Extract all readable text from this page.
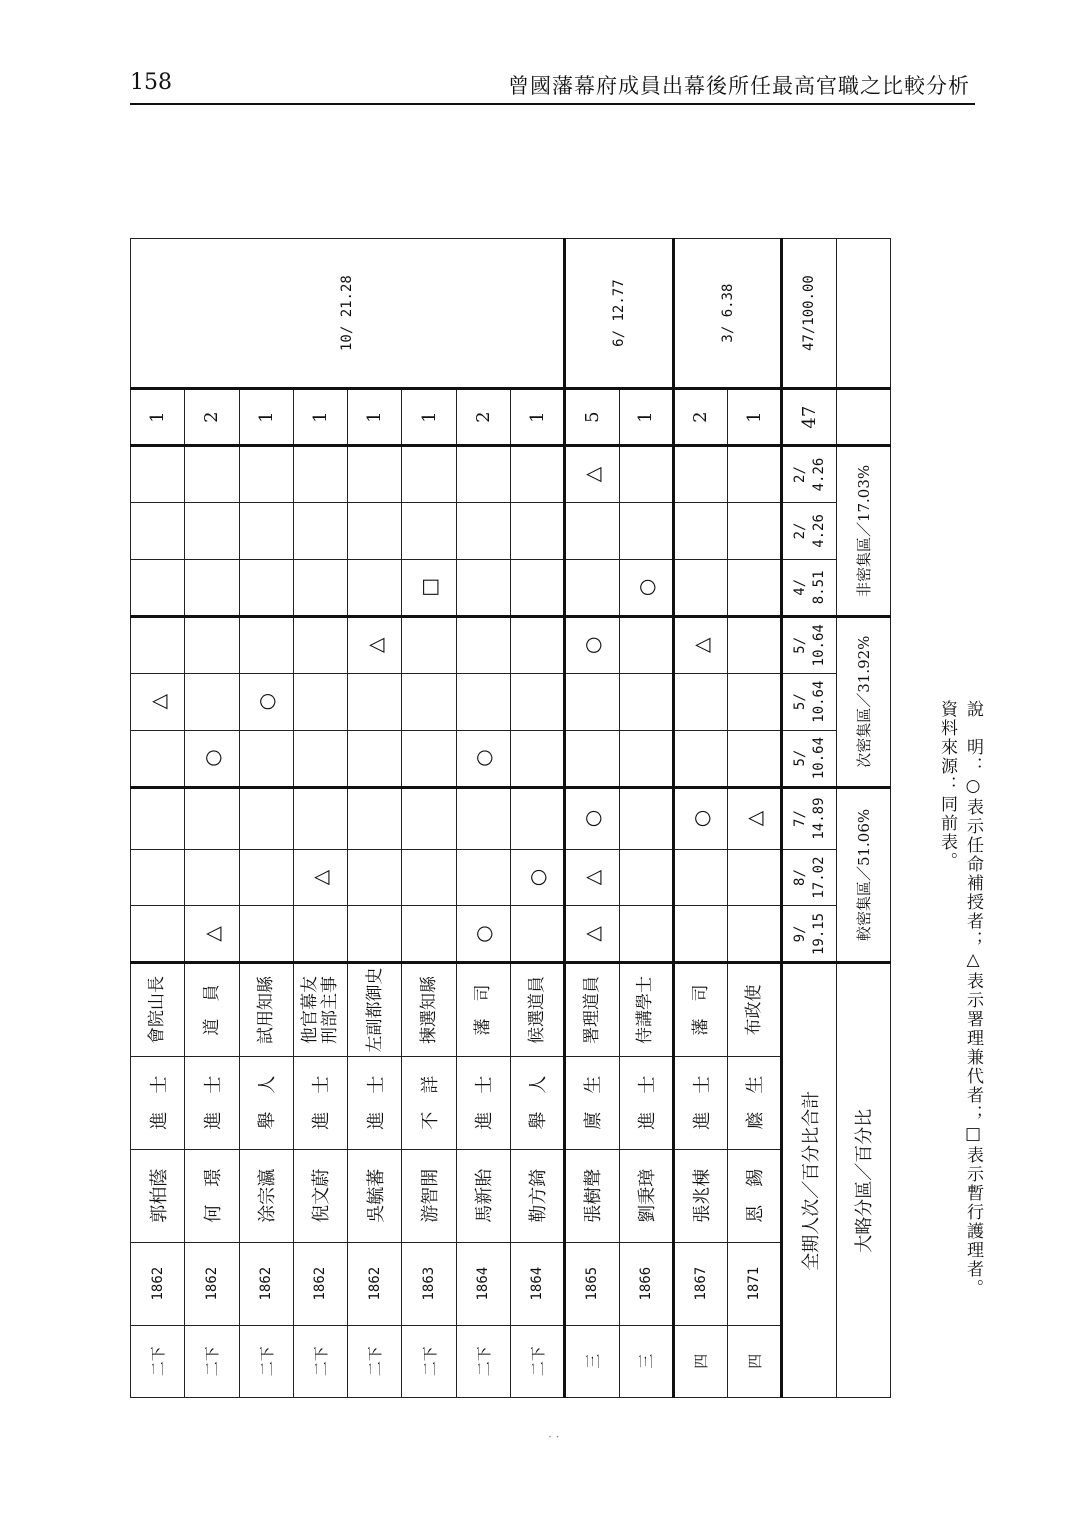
158	曾國藩幕府成員出幕後所任最高官職之比較分析
二下	1862	郭柏蔭	進　士	會院山長					△					1	10/ 21.28
二下	1862	何　璟	進　士	道　員	△			○						2	
二下	1862	涂宗瀛	舉　人	試用知縣					○					1	
二下	1862	倪文蔚	進　士	他官幕友 刑部主事		△								1	
二下	1862	吳毓蕃	進　士	左副都御史						△				1	
二下	1863	游智開	不　詳	揀選知縣							□			1	
二下	1864	馬新貽	進　士	藩　司	○			○						2	
二下	1864	勒方錡	舉　人	候選道員		○								1	
三	1865	張樹聲	廪　生	署理道員	△	△	○			○			△	5	6/ 12.77
三	1866	劉秉璋	進　士	侍講學士							○			1	
四	1867	張兆棟	進　士	藩　司			○			△				2	3/ 6.38
四	1871	恩　錫	廕　生	布政使			△							1	
全期人次／百分比合計					9/ 19.15	8/ 17.02	7/ 14.89	5/ 10.64	5/ 10.64	5/ 10.64	4/ 8.51	2/ 4.26	2/ 4.26	47	47/100.00
大略分區／百分比					較密集區／51.06%			次密集區／31.92%			非密集區／17.03%				
資料來源：同前表。 說　明：○表示任命補授者；△表示署理兼代者；□表示暫行護理者。
· ·
